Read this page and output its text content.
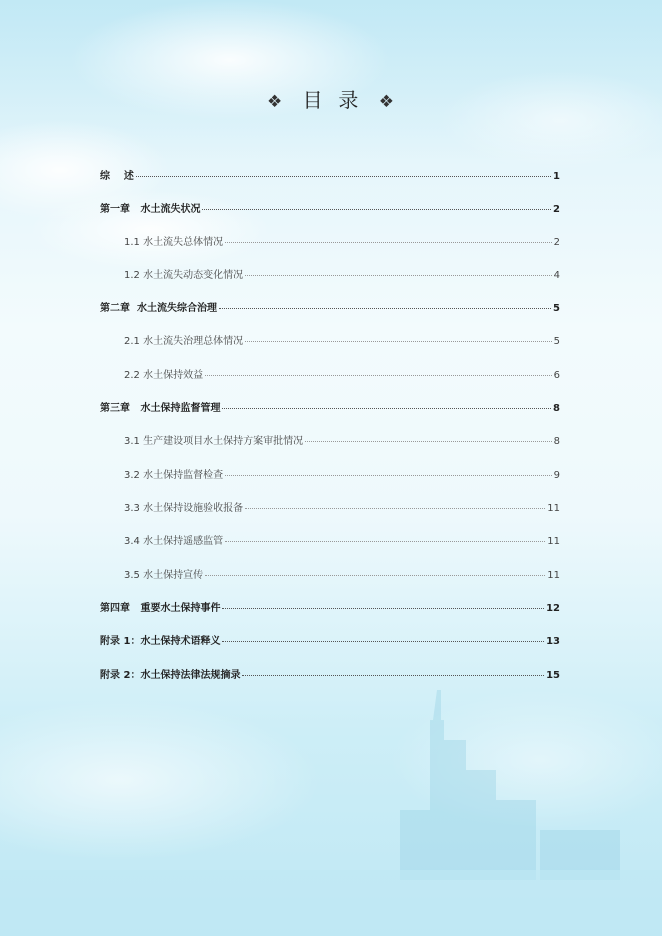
❖ 目  录 ❖
综    述	1
第一章   水土流失状况	2
1.1 水土流失总体情况	2
1.2 水土流失动态变化情况	4
第二章  水土流失综合治理	5
2.1 水土流失治理总体情况	5
2.2 水土保持效益	6
第三章   水土保持监督管理	8
3.1 生产建设项目水土保持方案审批情况	8
3.2 水土保持监督检查	9
3.3 水土保持设施验收报备	11
3.4 水土保持遥感监管	11
3.5 水土保持宣传	11
第四章   重要水土保持事件	12
附录 1：水土保持术语释义	13
附录 2：水土保持法律法规摘录	15
